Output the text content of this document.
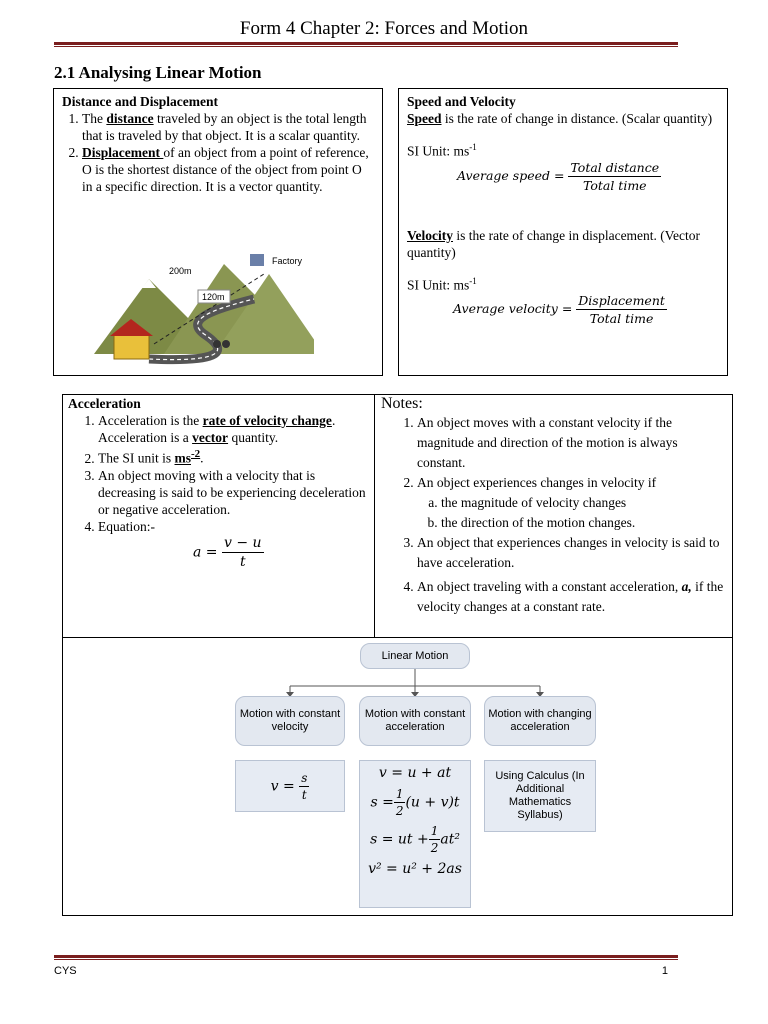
Form 4 Chapter 2: Forces and Motion
2.1 Analysing Linear Motion
Distance and Displacement
1. The distance traveled by an object is the total length that is traveled by that object. It is a scalar quantity.
2. Displacement of an object from a point of reference, O is the shortest distance of the object from point O in a specific direction. It is a vector quantity.
200m
120m
Factory
Speed and Velocity
Speed is the rate of change in distance. (Scalar quantity)
SI Unit: $ms^{-1}$
Average speed = $\frac{\text{Total distance}}{\text{Total time}}$
Velocity is the rate of change in displacement. (Vector quantity)
SI Unit: $ms^{-1}$
Average velocity = $\frac{\text{Displacement}}{\text{Total time}}$
Acceleration
1. Acceleration is the rate of velocity change. Acceleration is a vector quantity.
2. The SI unit is $ms^{-2}$.
3. An object moving with a velocity that is decreasing is said to be experiencing deceleration or negative acceleration.
4. Equation:-
$a = \frac{v - u}{t}$
Notes:
1. An object moves with a constant velocity if the magnitude and direction of the motion is always constant.
2. An object experiences changes in velocity if
a. the magnitude of velocity changes
b. the direction of the motion changes.
3. An object that experiences changes in velocity is said to have acceleration.
4. An object traveling with a constant acceleration, a, if the velocity changes at a constant rate.
Linear Motion
Motion with constant velocity
Motion with constant acceleration
Motion with changing acceleration
$v = \frac{s}{t}$	v = u + at
$s = \frac{1}{2} (u + v)t$
s = ut + $\frac{1}{2} at^2$
v² = u² + 2as
Using Calculus (In Additional Mathematics Syllabus)
CYS	1
